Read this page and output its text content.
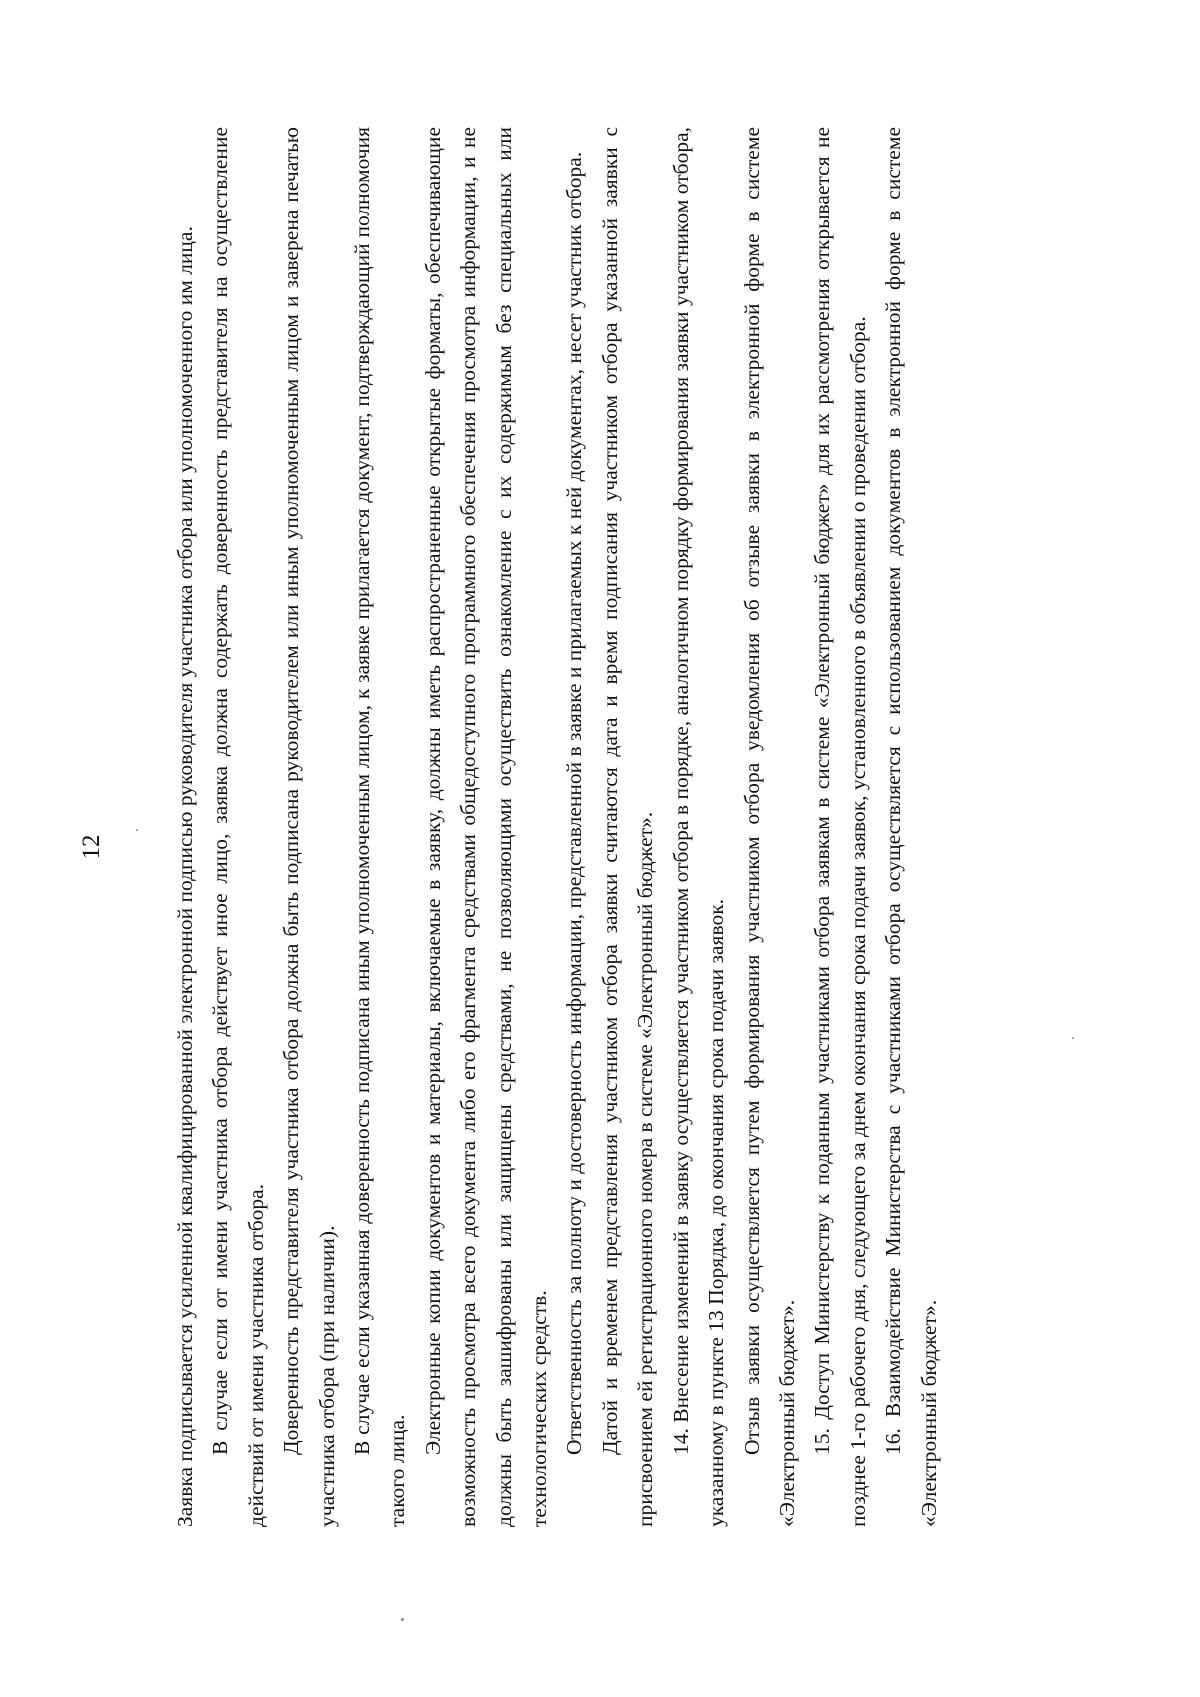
12	Заявка подписывается усиленной квалифицированной электронной подписью руководителя участника отбора или уполномоченного им лица. В случае если от имени участника отбора действует иное лицо, заявка должна содержать доверенность представителя на осуществление действий от имени участника отбора. Доверенность представителя участника отбора должна быть подписана руководителем или иным уполномоченным лицом и заверена печатью участника отбора (при наличии). В случае если указанная доверенность подписана иным уполномоченным лицом, к заявке прилагается документ, подтверждающий полномочия такого лица.

Электронные копии документов и материалы, включаемые в заявку, должны иметь распространенные открытые форматы, обеспечивающие возможность просмотра всего документа либо его фрагмента средствами общедоступного программного обеспечения просмотра информации, и не должны быть зашифрованы или защищены средствами, не позволяющими осуществить ознакомление с их содержимым без специальных или технологических средств. Ответственность за полноту и достоверность информации, представленной в заявке и прилагаемых к ней документах, несет участник отбора. Датой и временем представления участником отбора заявки считаются дата и время подписания участником отбора указанной заявки с присвоением ей регистрационного номера в системе «Электронный бюджет». 14. Внесение изменений в заявку осуществляется участником отбора в порядке, аналогичном порядку формирования заявки участником отбора, указанному в пункте 13 Порядка, до окончания срока подачи заявок. Отзыв заявки осуществляется путем формирования участником отбора уведомления об отзыве заявки в электронной форме в системе «Электронный бюджет». 15. Доступ Министерству к поданным участниками отбора заявкам в системе «Электронный бюджет» для их рассмотрения открывается не позднее 1-го рабочего дня, следующего за днем окончания срока подачи заявок, установленного в объявлении о проведении отбора. 16. Взаимодействие Министерства с участниками отбора осуществляется с использованием документов в электронной форме в системе «Электронный бюджет».
